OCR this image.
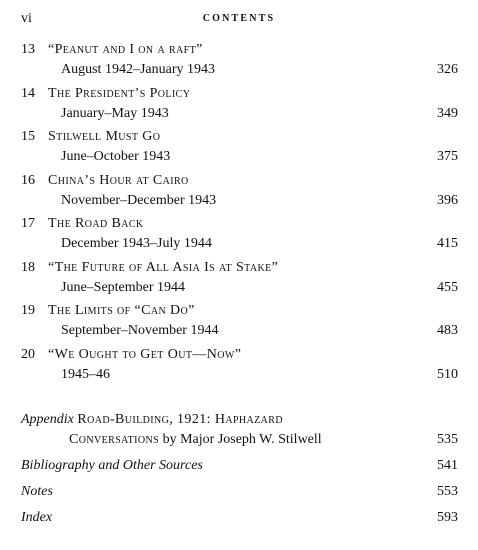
vi	CONTENTS
13 “Peanut and I on a raft”
August 1942–January 1943	326
14 The President’s Policy
January–May 1943	349
15 Stilwell Must Go
June–October 1943	375
16 China’s Hour at Cairo
November–December 1943	396
17 The Road Back
December 1943–July 1944	415
18 “The Future of All Asia Is at Stake”
June–September 1944	455
19 The Limits of “Can Do”
September–November 1944	483
20 “We Ought to Get Out—Now”
1945–46	510
Appendix Road-Building, 1921: Haphazard
Conversations by Major Joseph W. Stilwell	535
Bibliography and Other Sources	541
Notes	553
Index	593
